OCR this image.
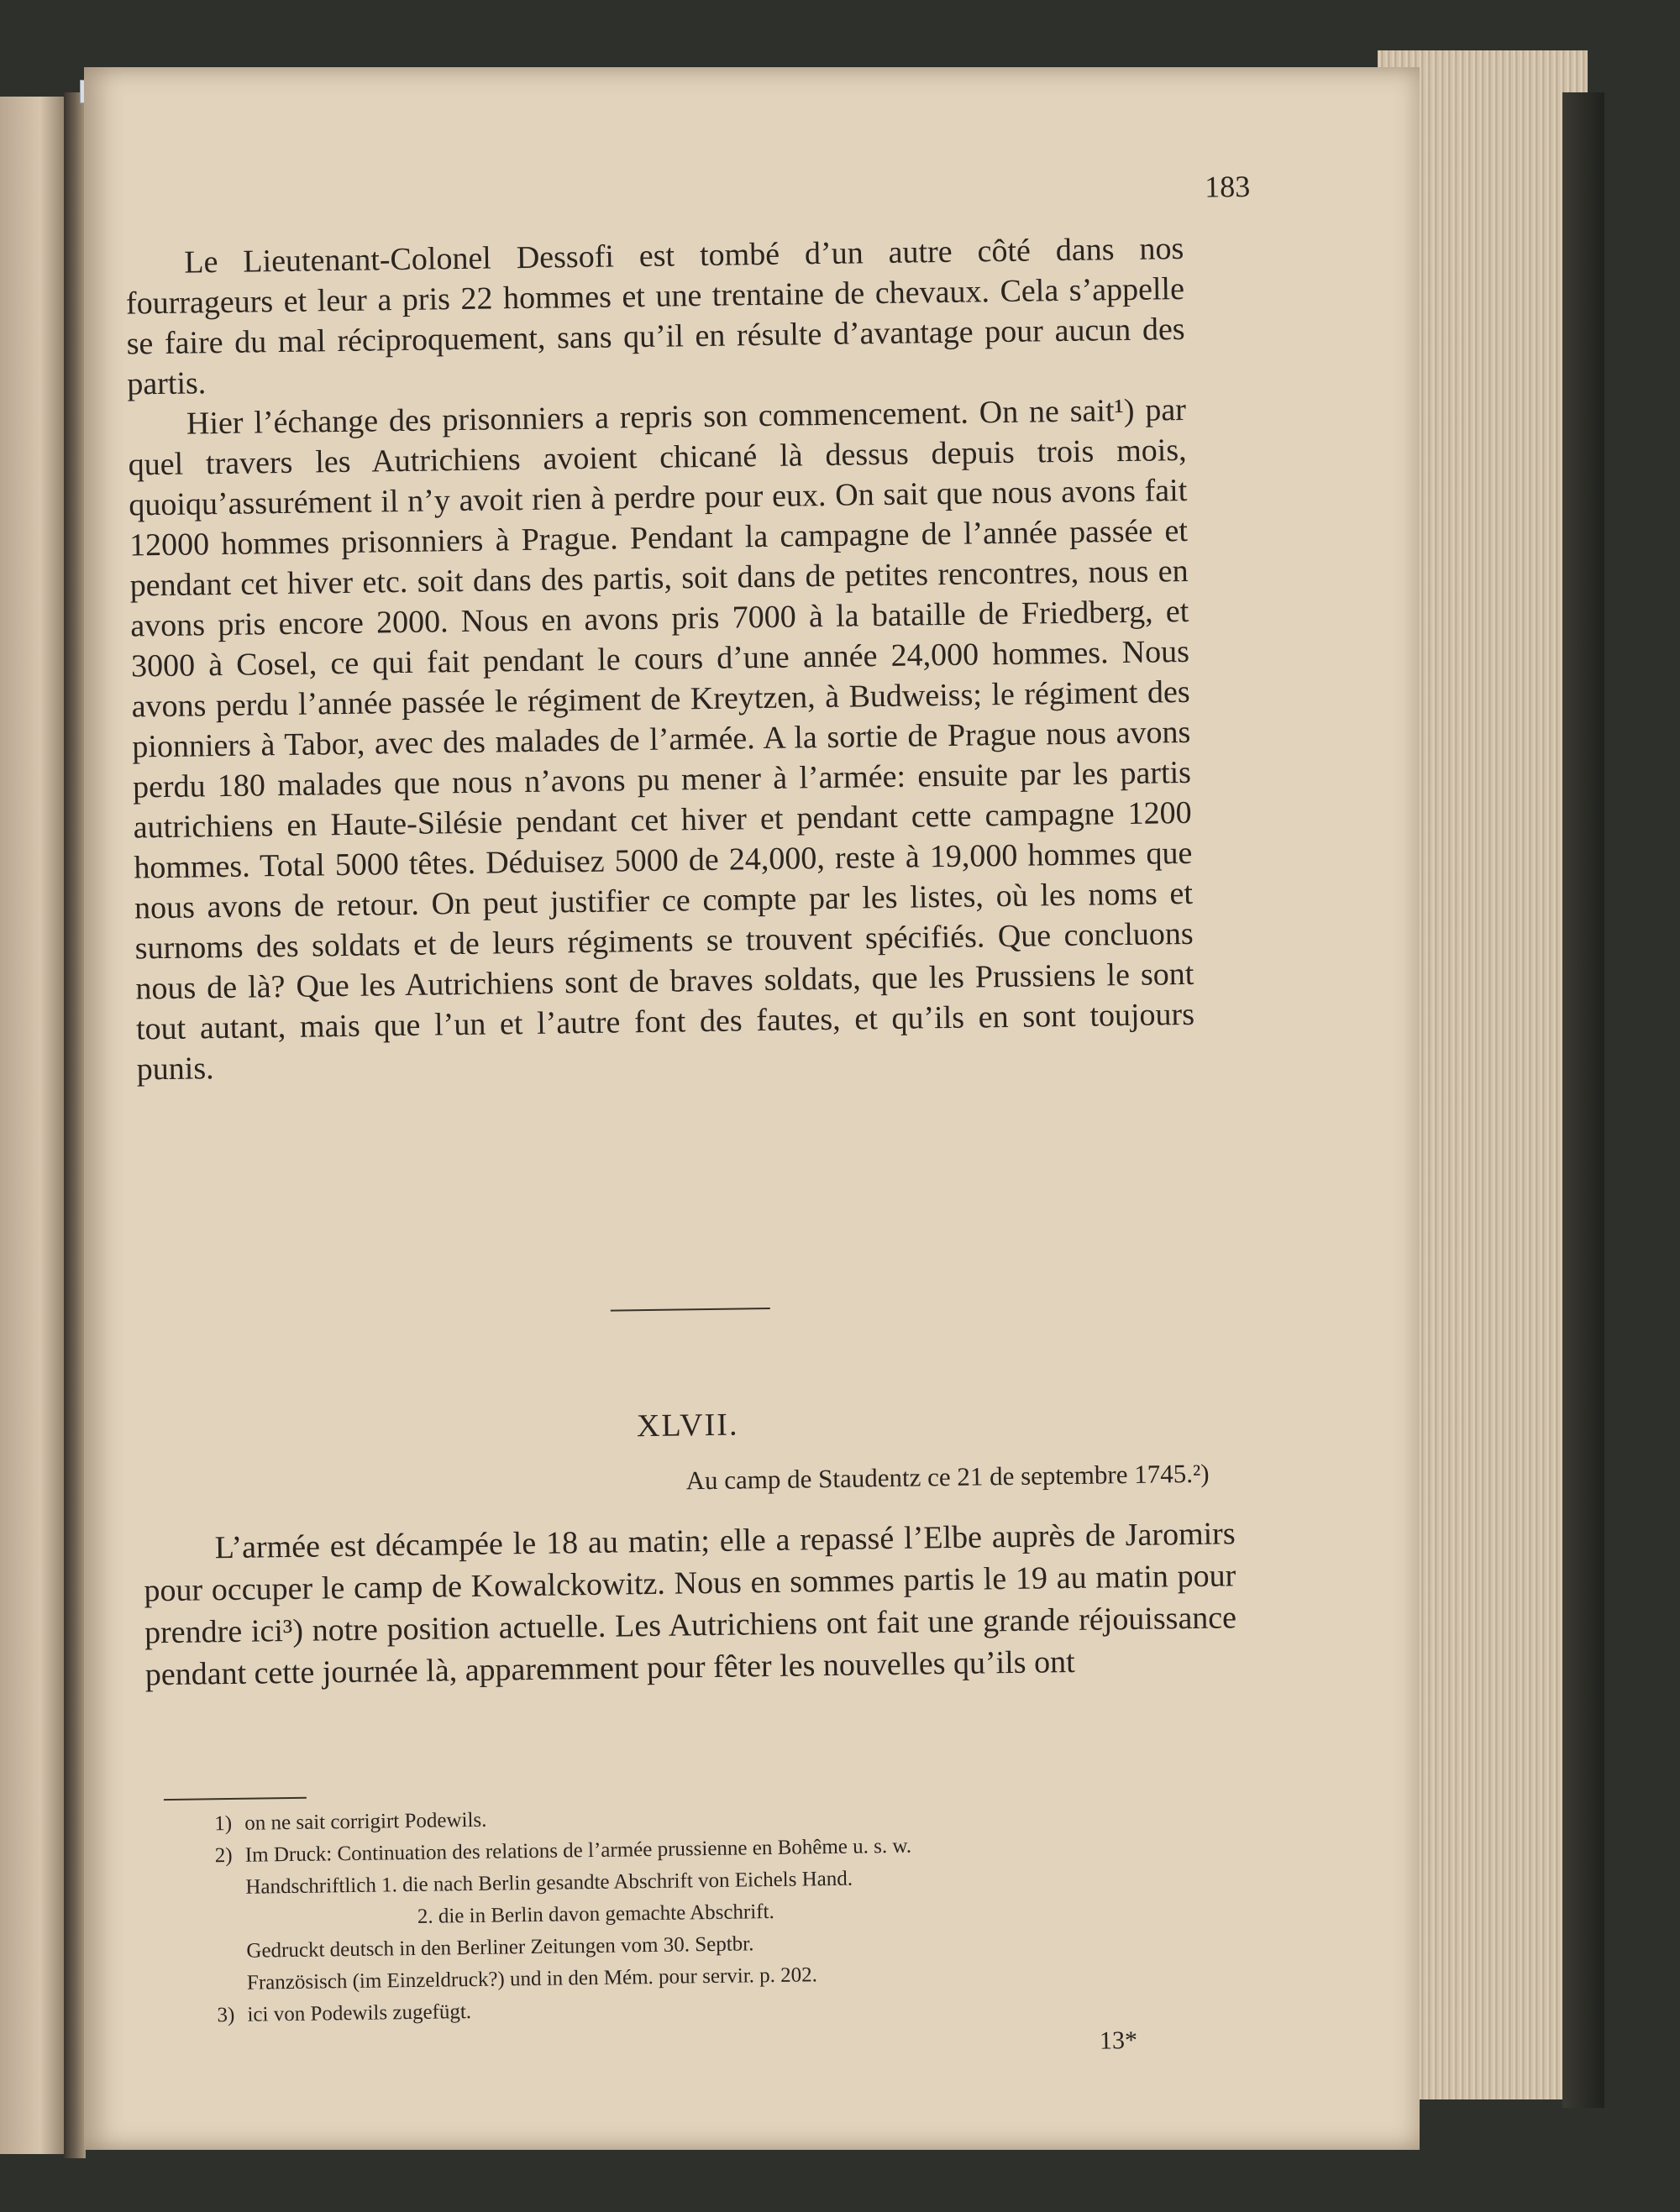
183

Le Lieutenant-Colonel Dessofi est tombé d’un autre côté dans nos fourrageurs et leur a pris 22 hommes et une trentaine de chevaux. Cela s’appelle se faire du mal réciproquement, sans qu’il en résulte d’avantage pour aucun des partis.

Hier l’échange des prisonniers a repris son commencement. On ne sait¹) par quel travers les Autrichiens avoient chicané là dessus depuis trois mois, quoiqu’assurément il n’y avoit rien à perdre pour eux. On sait que nous avons fait 12000 hommes prisonniers à Prague. Pendant la campagne de l’année passée et pendant cet hiver etc. soit dans des partis, soit dans de petites rencontres, nous en avons pris encore 2000. Nous en avons pris 7000 à la bataille de Friedberg, et 3000 à Cosel, ce qui fait pendant le cours d’une année 24,000 hommes. Nous avons perdu l’année passée le régiment de Kreytzen, à Budweiss; le régiment des pionniers à Tabor, avec des malades de l’armée. A la sortie de Prague nous avons perdu 180 malades que nous n’avons pu mener à l’armée: ensuite par les partis autrichiens en Haute-Silésie pendant cet hiver et pendant cette campagne 1200 hommes. Total 5000 têtes. Déduisez 5000 de 24,000, reste à 19,000 hommes que nous avons de retour. On peut justifier ce compte par les listes, où les noms et surnoms des soldats et de leurs régiments se trouvent spécifiés. Que concluons nous de là? Que les Autrichiens sont de braves soldats, que les Prussiens le sont tout autant, mais que l’un et l’autre font des fautes, et qu’ils en sont toujours punis.

XLVII.

Au camp de Staudentz ce 21 de septembre 1745.²)

L’armée est décampée le 18 au matin; elle a repassé l’Elbe auprès de Jaromirs pour occuper le camp de Kowalckowitz. Nous en sommes partis le 19 au matin pour prendre ici³) notre position actuelle. Les Autrichiens ont fait une grande réjouissance pendant cette journée là, apparemment pour fêter les nouvelles qu’ils ont

1) on ne sait corrigirt Podewils.
2) Im Druck: Continuation des relations de l’armée prussienne en Bohême u. s. w.
Handschriftlich 1. die nach Berlin gesandte Abschrift von Eichels Hand.
2. die in Berlin davon gemachte Abschrift.
Gedruckt deutsch in den Berliner Zeitungen vom 30. Septbr.
Französisch (im Einzeldruck?) und in den Mém. pour servir. p. 202.
3) ici von Podewils zugefügt.

13*
